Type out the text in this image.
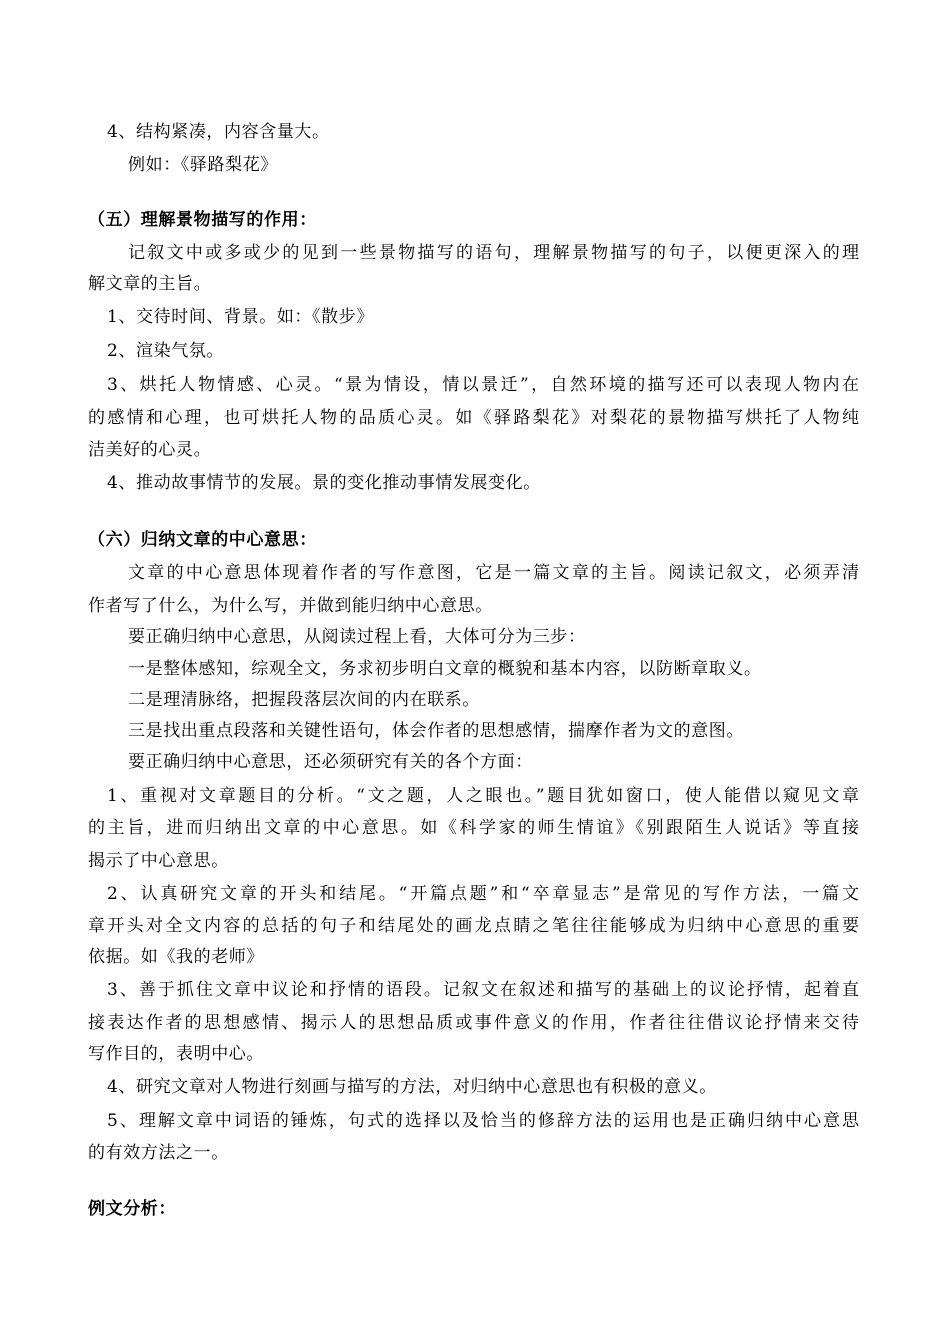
4、结构紧凑，内容含量大。
例如：《驿路梨花》
（五）理解景物描写的作用：
记叙文中或多或少的见到一些景物描写的语句，理解景物描写的句子，以便更深入的理
解文章的主旨。
1、交待时间、背景。如：《散步》
2、渲染气氛。
3、烘托人物情感、心灵。“景为情设，情以景迁”，自然环境的描写还可以表现人物内在
的感情和心理，也可烘托人物的品质心灵。如《驿路梨花》对梨花的景物描写烘托了人物纯
洁美好的心灵。
4、推动故事情节的发展。景的变化推动事情发展变化。
（六）归纳文章的中心意思：
文章的中心意思体现着作者的写作意图，它是一篇文章的主旨。阅读记叙文，必须弄清
作者写了什么，为什么写，并做到能归纳中心意思。
要正确归纳中心意思，从阅读过程上看，大体可分为三步：
一是整体感知，综观全文，务求初步明白文章的概貌和基本内容，以防断章取义。
二是理清脉络，把握段落层次间的内在联系。
三是找出重点段落和关键性语句，体会作者的思想感情，揣摩作者为文的意图。
要正确归纳中心意思，还必须研究有关的各个方面：
1、重视对文章题目的分析。“文之题，人之眼也。”题目犹如窗口，使人能借以窥见文章
的主旨，进而归纳出文章的中心意思。如《科学家的师生情谊》《别跟陌生人说话》等直接
揭示了中心意思。
2、认真研究文章的开头和结尾。“开篇点题”和“卒章显志”是常见的写作方法，一篇文
章开头对全文内容的总括的句子和结尾处的画龙点睛之笔往往能够成为归纳中心意思的重要
依据。如《我的老师》
3、善于抓住文章中议论和抒情的语段。记叙文在叙述和描写的基础上的议论抒情，起着直
接表达作者的思想感情、揭示人的思想品质或事件意义的作用，作者往往借议论抒情来交待
写作目的，表明中心。
4、研究文章对人物进行刻画与描写的方法，对归纳中心意思也有积极的意义。
5、理解文章中词语的锤炼，句式的选择以及恰当的修辞方法的运用也是正确归纳中心意思
的有效方法之一。
例文分析：
